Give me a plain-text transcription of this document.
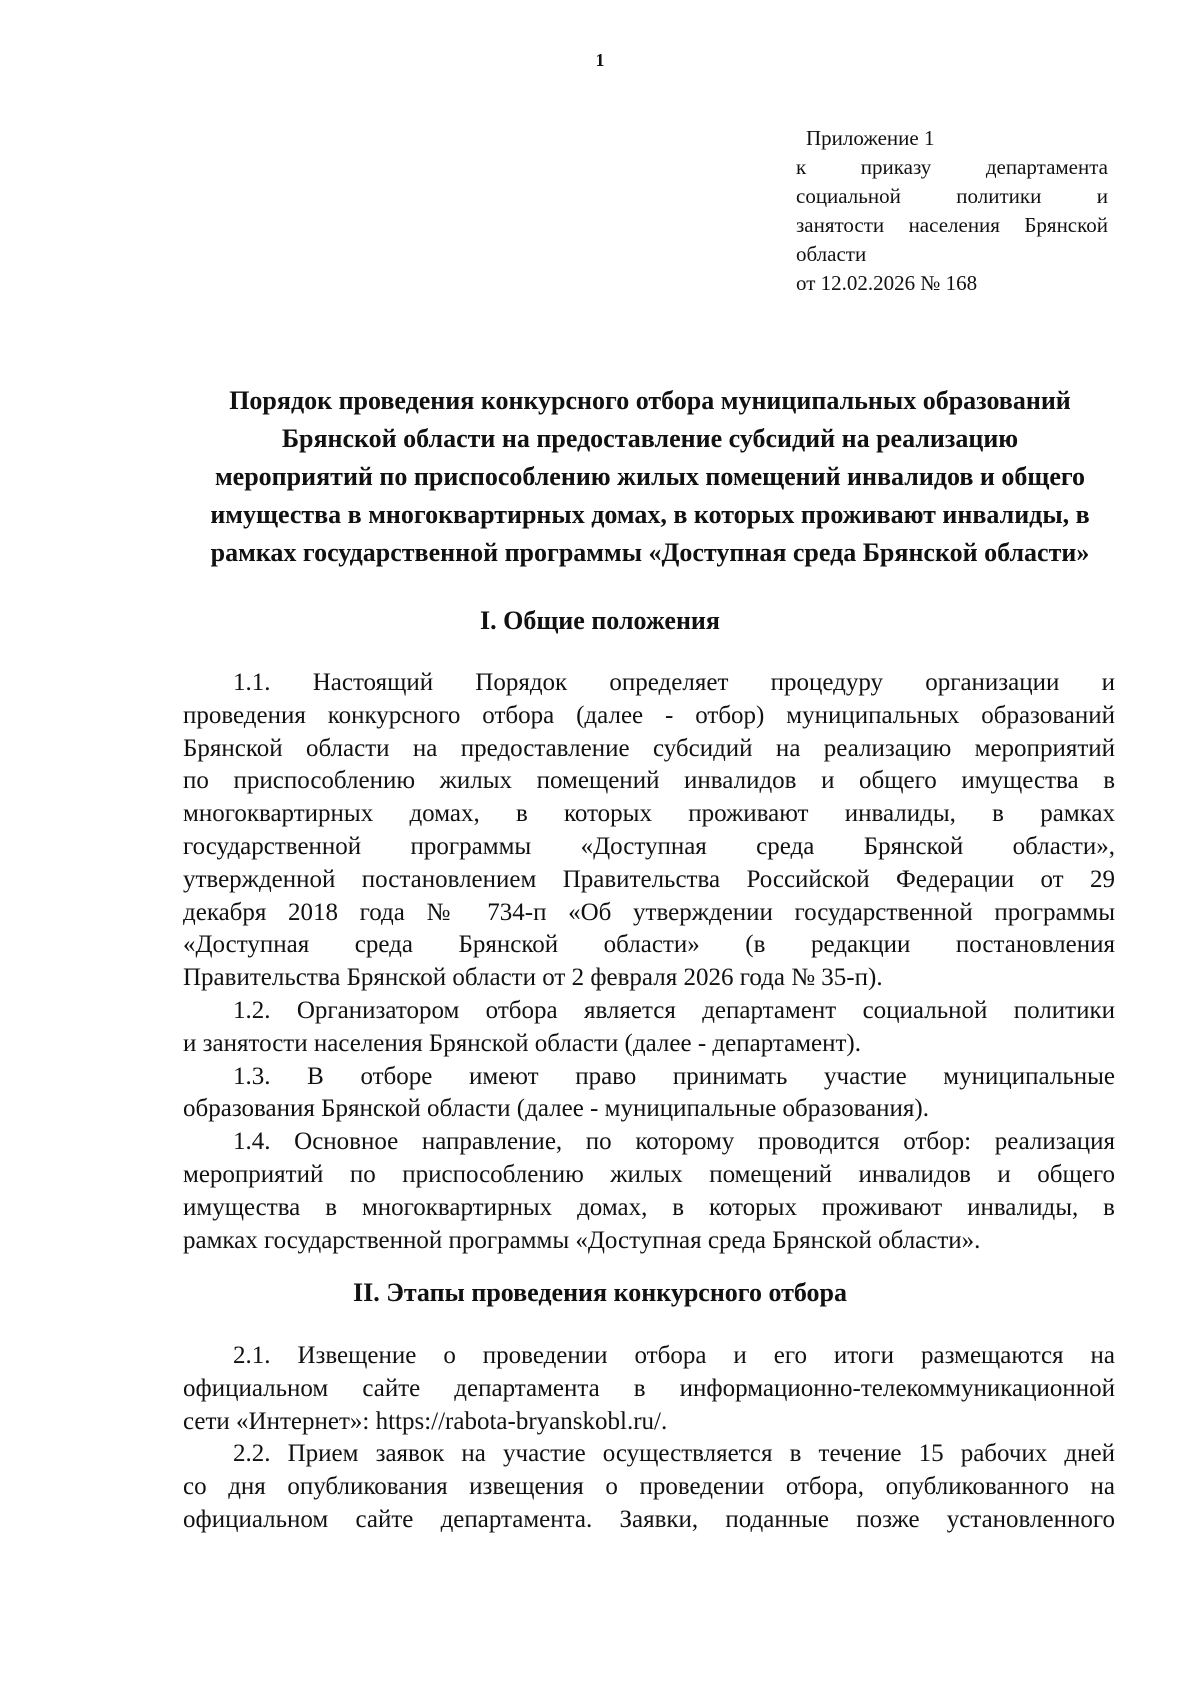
1
Приложение 1
к приказу департамента
социальной политики и
занятости населения Брянской
области
от 12.02.2026 № 168
Порядок проведения конкурсного отбора муниципальных образований
Брянской области на предоставление субсидий на реализацию
мероприятий по приспособлению жилых помещений инвалидов и общего
имущества в многоквартирных домах, в которых проживают инвалиды, в
рамках государственной программы «Доступная среда Брянской области»
I. Общие положения
1.1. Настоящий Порядок определяет процедуру организации и
проведения конкурсного отбора (далее - отбор) муниципальных образований
Брянской области на предоставление субсидий на реализацию мероприятий
по приспособлению жилых помещений инвалидов и общего имущества в
многоквартирных домах, в которых проживают инвалиды, в рамках
государственной программы «Доступная среда Брянской области»,
утвержденной постановлением Правительства Российской Федерации от 29
декабря 2018 года № 734-п «Об утверждении государственной программы
«Доступная среда Брянской области» (в редакции постановления
Правительства Брянской области от 2 февраля 2026 года № 35-п).
1.2. Организатором отбора является департамент социальной политики
и занятости населения Брянской области (далее - департамент).
1.3. В отборе имеют право принимать участие муниципальные
образования Брянской области (далее - муниципальные образования).
1.4. Основное направление, по которому проводится отбор: реализация
мероприятий по приспособлению жилых помещений инвалидов и общего
имущества в многоквартирных домах, в которых проживают инвалиды, в
рамках государственной программы «Доступная среда Брянской области».
II. Этапы проведения конкурсного отбора
2.1. Извещение о проведении отбора и его итоги размещаются на
официальном сайте департамента в информационно-телекоммуникационной
сети «Интернет»: https://rabota-bryanskobl.ru/.
2.2. Прием заявок на участие осуществляется в течение 15 рабочих дней
со дня опубликования извещения о проведении отбора, опубликованного на
официальном сайте департамента. Заявки, поданные позже установленного
